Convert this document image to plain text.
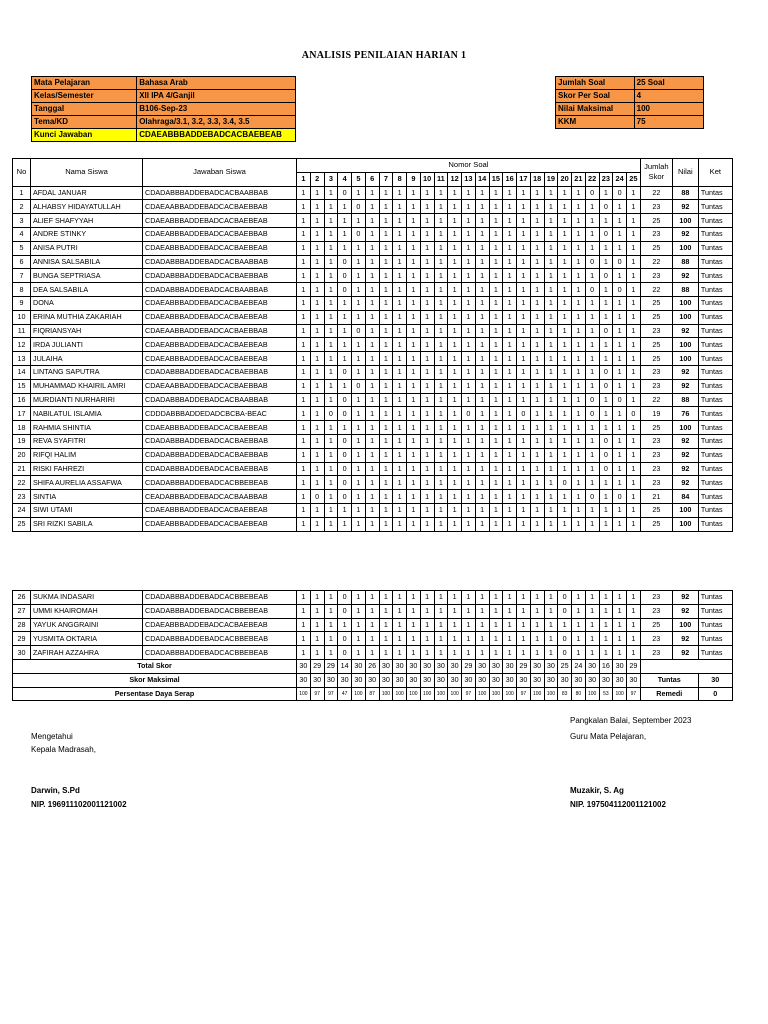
ANALISIS PENILAIAN HARIAN 1
Mata Pelajaran	Bahasa Arab
Kelas/Semester	XII IPA 4/Ganjil
Tanggal	B106-Sep-23
Tema/KD	Olahraga/3.1, 3.2, 3.3, 3.4, 3.5
Kunci Jawaban	CDAEABBBADDEBADCACBAEBEAB
Jumlah Soal	25 Soal
Skor Per Soal	4
Nilai Maksimal	100
KKM	75
No	Nama Siswa	Jawaban Siswa	Nomor Soal																									Jumlah Skor	Nilai	Ket
			1	2	3	4	5	6	7	8	9	10	11	12	13	14	15	16	17	18	19	20	21	22	23	24	25			
1	AFDAL JANUAR	CDADABBBADDEBADCACBAABBAB	1	1	1	0	1	1	1	1	1	1	1	1	1	1	1	1	1	1	1	1	1	0	1	0	1	22	88	Tuntas
2	ALHABSY HIDAYATULLAH	CDAEAABBADDEBADCACBAEBBAB	1	1	1	1	0	1	1	1	1	1	1	1	1	1	1	1	1	1	1	1	1	1	0	1	1	23	92	Tuntas
3	ALIEF SHAFYYAH	CDAEABBBADDEBADCACBAEBEAB	1	1	1	1	1	1	1	1	1	1	1	1	1	1	1	1	1	1	1	1	1	1	1	1	1	25	100	Tuntas
4	ANDRE STINKY	CDAEABBBADDEBADCACBAEBBAB	1	1	1	1	0	1	1	1	1	1	1	1	1	1	1	1	1	1	1	1	1	1	0	1	1	23	92	Tuntas
5	ANISA PUTRI	CDAEABBBADDEBADCACBAEBEAB	1	1	1	1	1	1	1	1	1	1	1	1	1	1	1	1	1	1	1	1	1	1	1	1	1	25	100	Tuntas
6	ANNISA SALSABILA	CDADABBBADDEBADCACBAABBAB	1	1	1	0	1	1	1	1	1	1	1	1	1	1	1	1	1	1	1	1	1	0	1	0	1	22	88	Tuntas
7	BUNGA SEPTRIASA	CDADABBBADDEBADCACBAEBBAB	1	1	1	0	1	1	1	1	1	1	1	1	1	1	1	1	1	1	1	1	1	1	0	1	1	23	92	Tuntas
8	DEA SALSABILA	CDADABBBADDEBADCACBAABBAB	1	1	1	0	1	1	1	1	1	1	1	1	1	1	1	1	1	1	1	1	1	0	1	0	1	22	88	Tuntas
9	DONA	CDAEABBBADDEBADCACBAEBEAB	1	1	1	1	1	1	1	1	1	1	1	1	1	1	1	1	1	1	1	1	1	1	1	1	1	25	100	Tuntas
10	ERINA MUTHIA ZAKARIAH	CDAEABBBADDEBADCACBAEBEAB	1	1	1	1	1	1	1	1	1	1	1	1	1	1	1	1	1	1	1	1	1	1	1	1	1	25	100	Tuntas
11	FIQRIANSYAH	CDAEAABBADDEBADCACBAEBBAB	1	1	1	1	0	1	1	1	1	1	1	1	1	1	1	1	1	1	1	1	1	1	0	1	1	23	92	Tuntas
12	IRDA JULIANTI	CDAEABBBADDEBADCACBAEBEAB	1	1	1	1	1	1	1	1	1	1	1	1	1	1	1	1	1	1	1	1	1	1	1	1	1	25	100	Tuntas
13	JULAIHA	CDAEABBBADDEBADCACBAEBEAB	1	1	1	1	1	1	1	1	1	1	1	1	1	1	1	1	1	1	1	1	1	1	1	1	1	25	100	Tuntas
14	LINTANG SAPUTRA	CDADABBBADDEBADCACBAEBBAB	1	1	1	0	1	1	1	1	1	1	1	1	1	1	1	1	1	1	1	1	1	1	0	1	1	23	92	Tuntas
15	MUHAMMAD KHAIRIL AMRI	CDAEAABBADDEBADCACBAEBBAB	1	1	1	1	0	1	1	1	1	1	1	1	1	1	1	1	1	1	1	1	1	1	0	1	1	23	92	Tuntas
16	MURDIANTI NURHARIRI	CDADABBBADDEBADCACBAABBAB	1	1	1	0	1	1	1	1	1	1	1	1	1	1	1	1	1	1	1	1	1	0	1	0	1	22	88	Tuntas
17	NABILATUL ISLAMIA	CDDDABBBADDEDADCBCBA-BEAC	1	1	0	0	1	1	1	1	1	1	1	1	0	1	1	1	0	1	1	1	1	0	1	1	0	19	76	Tuntas
18	RAHMIA SHINTIA	CDAEABBBADDEBADCACBAEBEAB	1	1	1	1	1	1	1	1	1	1	1	1	1	1	1	1	1	1	1	1	1	1	1	1	1	25	100	Tuntas
19	REVA SYAFITRI	CDADABBBADDEBADCACBAEBBAB	1	1	1	0	1	1	1	1	1	1	1	1	1	1	1	1	1	1	1	1	1	1	0	1	1	23	92	Tuntas
20	RIFQI HALIM	CDADABBBADDEBADCACBAEBBAB	1	1	1	0	1	1	1	1	1	1	1	1	1	1	1	1	1	1	1	1	1	1	0	1	1	23	92	Tuntas
21	RISKI FAHREZI	CDADABBBADDEBADCACBAEBBAB	1	1	1	0	1	1	1	1	1	1	1	1	1	1	1	1	1	1	1	1	1	1	0	1	1	23	92	Tuntas
22	SHIFA AURELIA ASSAFWA	CDADABBBADDEBADCACBBEBEAB	1	1	1	0	1	1	1	1	1	1	1	1	1	1	1	1	1	1	1	0	1	1	1	1	1	23	92	Tuntas
23	SINTIA	CEADABBBADDEBADCACBAABBAB	1	0	1	0	1	1	1	1	1	1	1	1	1	1	1	1	1	1	1	1	1	0	1	0	1	21	84	Tuntas
24	SIWI UTAMI	CDAEABBBADDEBADCACBAEBEAB	1	1	1	1	1	1	1	1	1	1	1	1	1	1	1	1	1	1	1	1	1	1	1	1	1	25	100	Tuntas
25	SRI RIZKI SABILA	CDAEABBBADDEBADCACBAEBEAB	1	1	1	1	1	1	1	1	1	1	1	1	1	1	1	1	1	1	1	1	1	1	1	1	1	25	100	Tuntas
26	SUKMA INDASARI	CDADABBBADDEBADCACBBEBEAB	1	1	1	0	1	1	1	1	1	1	1	1	1	1	1	1	1	1	1	0	1	1	1	1	1	23	92	Tuntas
27	UMMI KHAIROMAH	CDADABBBADDEBADCACBBEBEAB	1	1	1	0	1	1	1	1	1	1	1	1	1	1	1	1	1	1	1	0	1	1	1	1	1	23	92	Tuntas
28	YAYUK ANGGRAINI	CDAEABBBADDEBADCACBAEBEAB	1	1	1	1	1	1	1	1	1	1	1	1	1	1	1	1	1	1	1	1	1	1	1	1	1	25	100	Tuntas
29	YUSMITA OKTARIA	CDADABBBADDEBADCACBBEBEAB	1	1	1	0	1	1	1	1	1	1	1	1	1	1	1	1	1	1	1	0	1	1	1	1	1	23	92	Tuntas
30	ZAFIRAH AZZAHRA	CDADABBBADDEBADCACBBEBEAB	1	1	1	0	1	1	1	1	1	1	1	1	1	1	1	1	1	1	1	0	1	1	1	1	1	23	92	Tuntas
Total Skor			30	29	29	14	30	26	30	30	30	30	30	30	29	30	30	30	29	30	30	25	24	30	16	30	29			
Skor Maksimal			30	30	30	30	30	30	30	30	30	30	30	30	30	30	30	30	30	30	30	30	30	30	30	30	30	Tuntas		30
Persentase Daya Serap			100	97	97	47	100	87	100	100	100	100	100	100	97	100	100	100	97	100	100	83	80	100	53	100	97	Remedi		0
Pangkalan Balai, September 2023
Guru Mata Pelajaran,
Mengetahui
Kepala Madrasah,
Darwin, S.Pd
NIP. 196911102001121002
Muzakir, S. Ag
NIP. 197504112001121002
